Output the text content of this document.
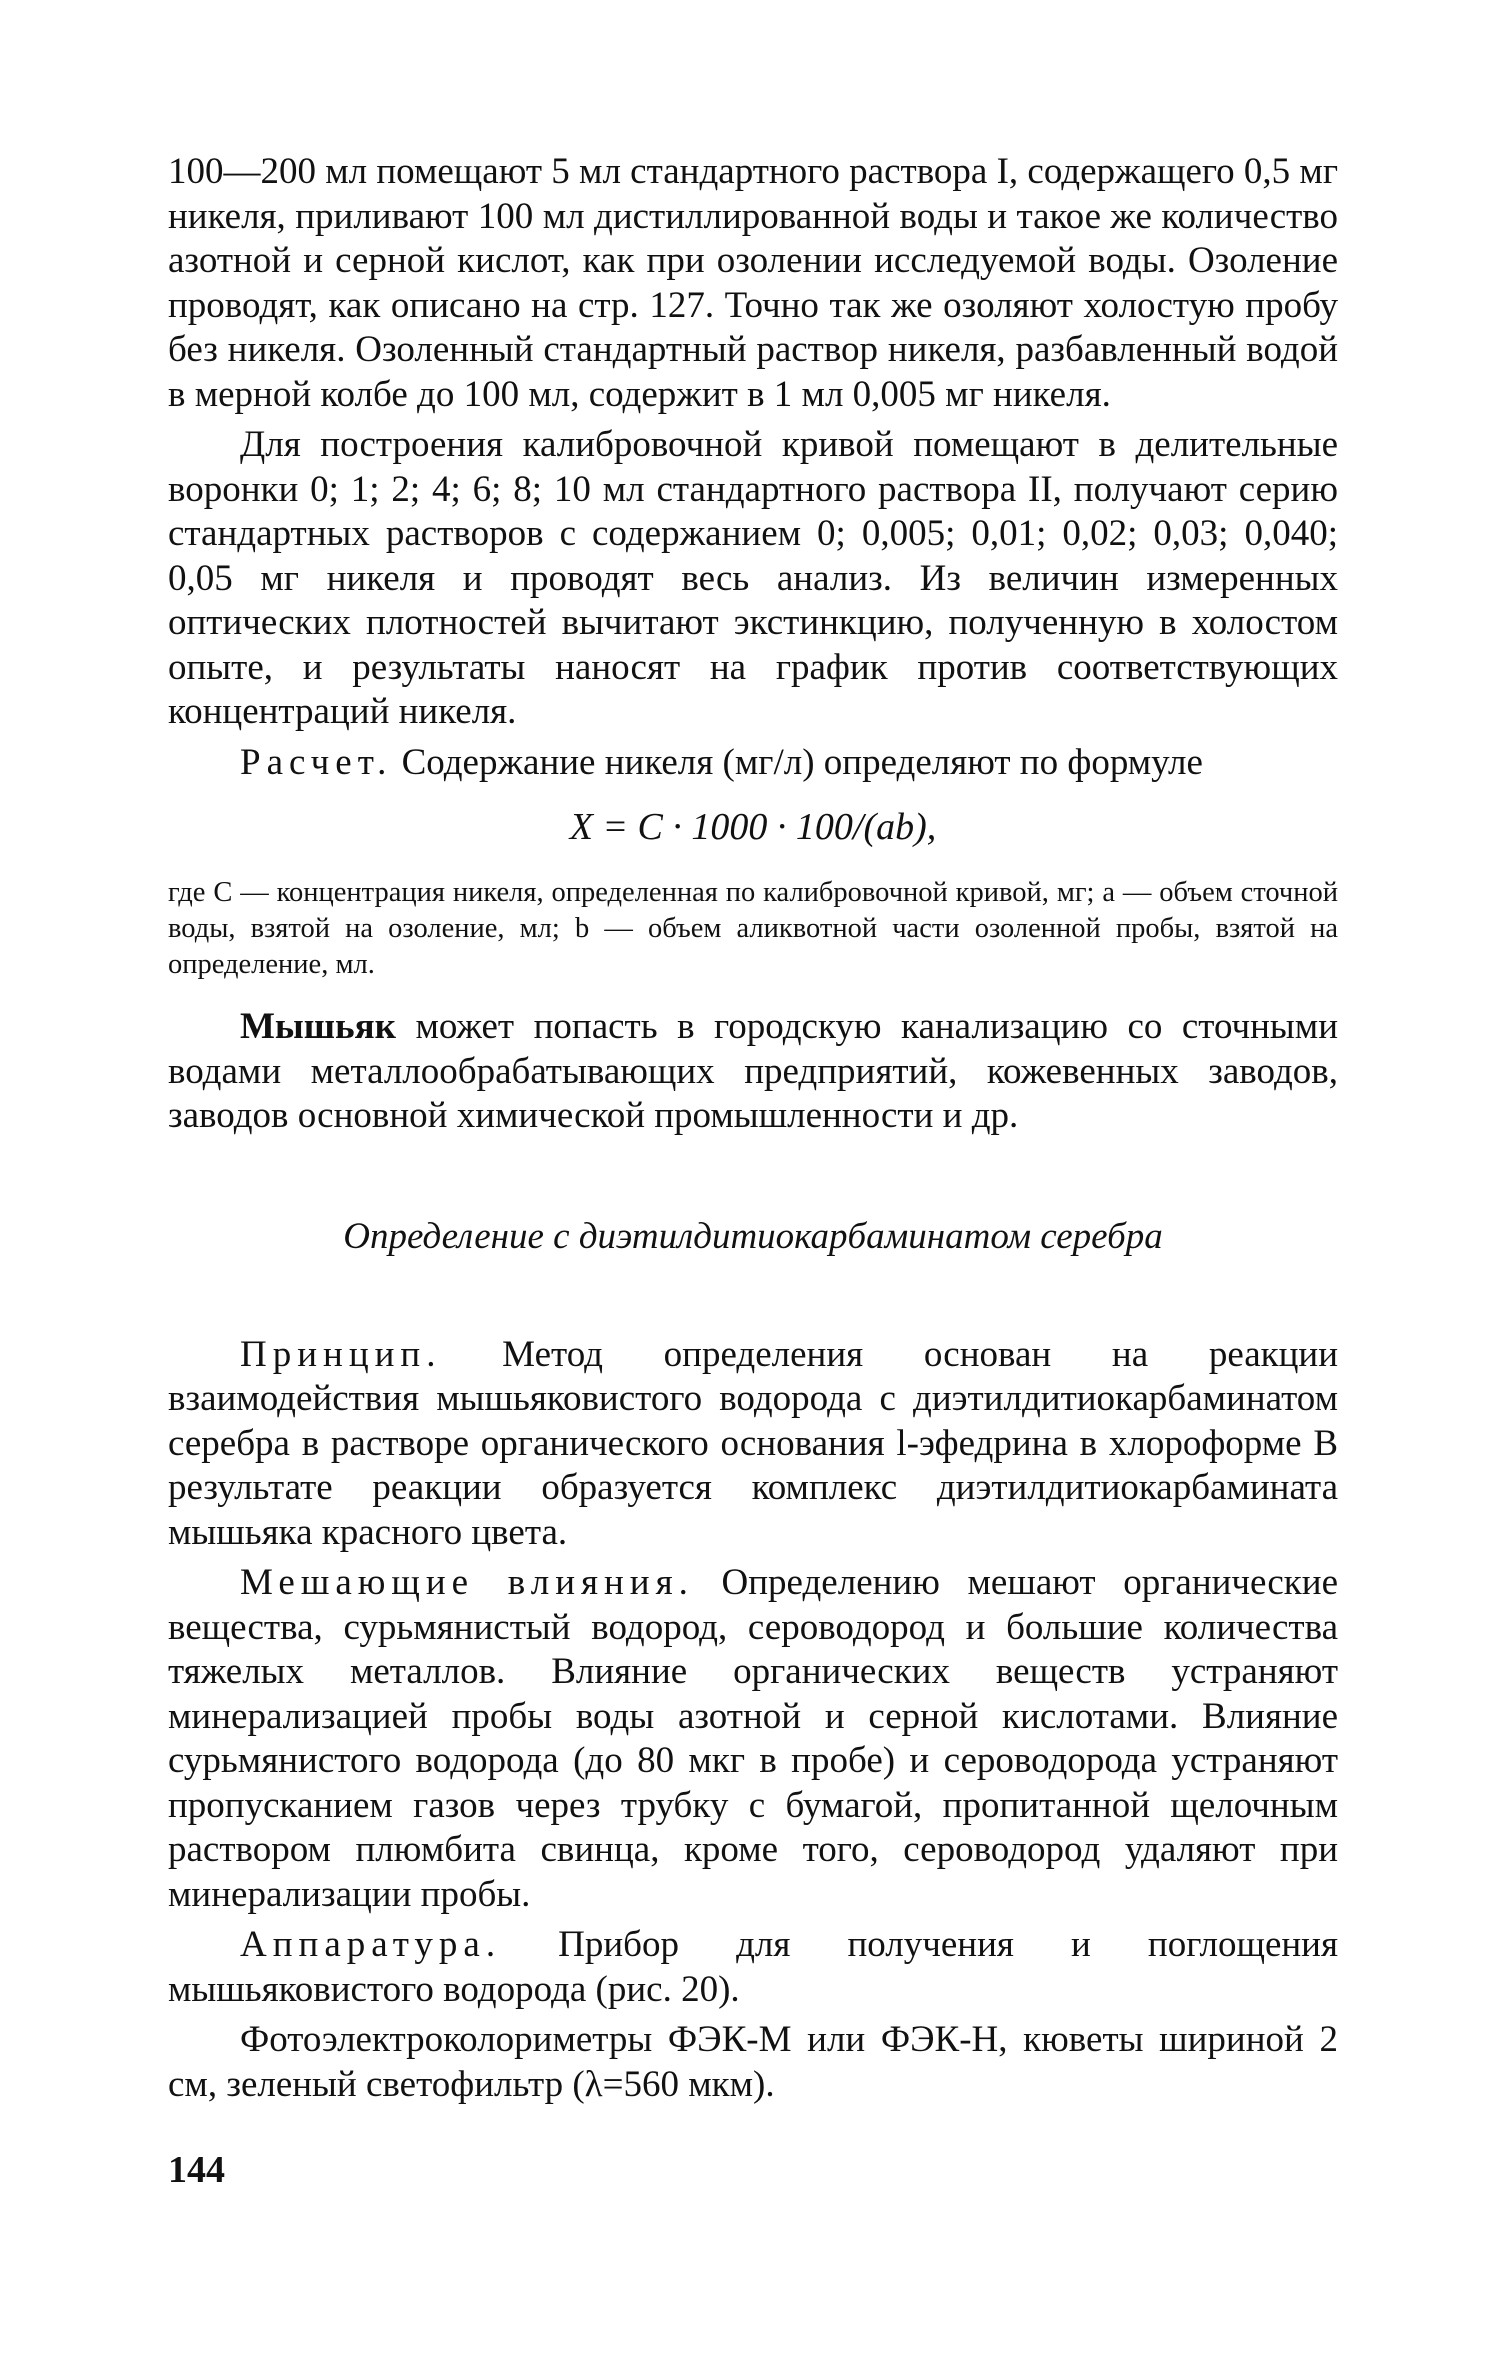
100—200 мл помещают 5 мл стандартного раствора I, содержащего 0,5 мг никеля, приливают 100 мл дистиллированной воды и такое же количество азотной и серной кислот, как при озолении исследуемой воды. Озоление проводят, как описано на стр. 127. Точно так же озоляют холостую пробу без никеля. Озоленный стандартный раствор никеля, разбавленный водой в мерной колбе до 100 мл, содержит в 1 мл 0,005 мг никеля.

Для построения калибровочной кривой помещают в делительные воронки 0; 1; 2; 4; 6; 8; 10 мл стандартного раствора II, получают серию стандартных растворов с содержанием 0; 0,005; 0,01; 0,02; 0,03; 0,040; 0,05 мг никеля и проводят весь анализ. Из величин измеренных оптических плотностей вычитают экстинкцию, полученную в холостом опыте, и результаты наносят на график против соответствующих концентраций никеля.

Расчет. Содержание никеля (мг/л) определяют по формуле

X = C · 1000 · 100/(ab),

где C — концентрация никеля, определенная по калибровочной кривой, мг; a — объем сточной воды, взятой на озоление, мл; b — объем аликвотной части озоленной пробы, взятой на определение, мл.

Мышьяк может попасть в городскую канализацию со сточными водами металлообрабатывающих предприятий, кожевенных заводов, заводов основной химической промышленности и др.

Определение с диэтилдитиокарбаминатом серебра

Принцип. Метод определения основан на реакции взаимодействия мышьяковистого водорода с диэтилдитиокарбаминатом серебра в растворе органического основания l-эфедрина в хлороформе В результате реакции образуется комплекс диэтилдитиокарбамината мышьяка красного цвета.

Мешающие влияния. Определению мешают органические вещества, сурьмянистый водород, сероводород и большие количества тяжелых металлов. Влияние органических веществ устраняют минерализацией пробы воды азотной и серной кислотами. Влияние сурьмянистого водорода (до 80 мкг в пробе) и сероводорода устраняют пропусканием газов через трубку с бумагой, пропитанной щелочным раствором плюмбита свинца, кроме того, сероводород удаляют при минерализации пробы.

Аппаратура. Прибор для получения и поглощения мышьяковистого водорода (рис. 20).

Фотоэлектроколориметры ФЭК-М или ФЭК-Н, кюветы шириной 2 см, зеленый светофильтр (λ=560 мкм).

144
